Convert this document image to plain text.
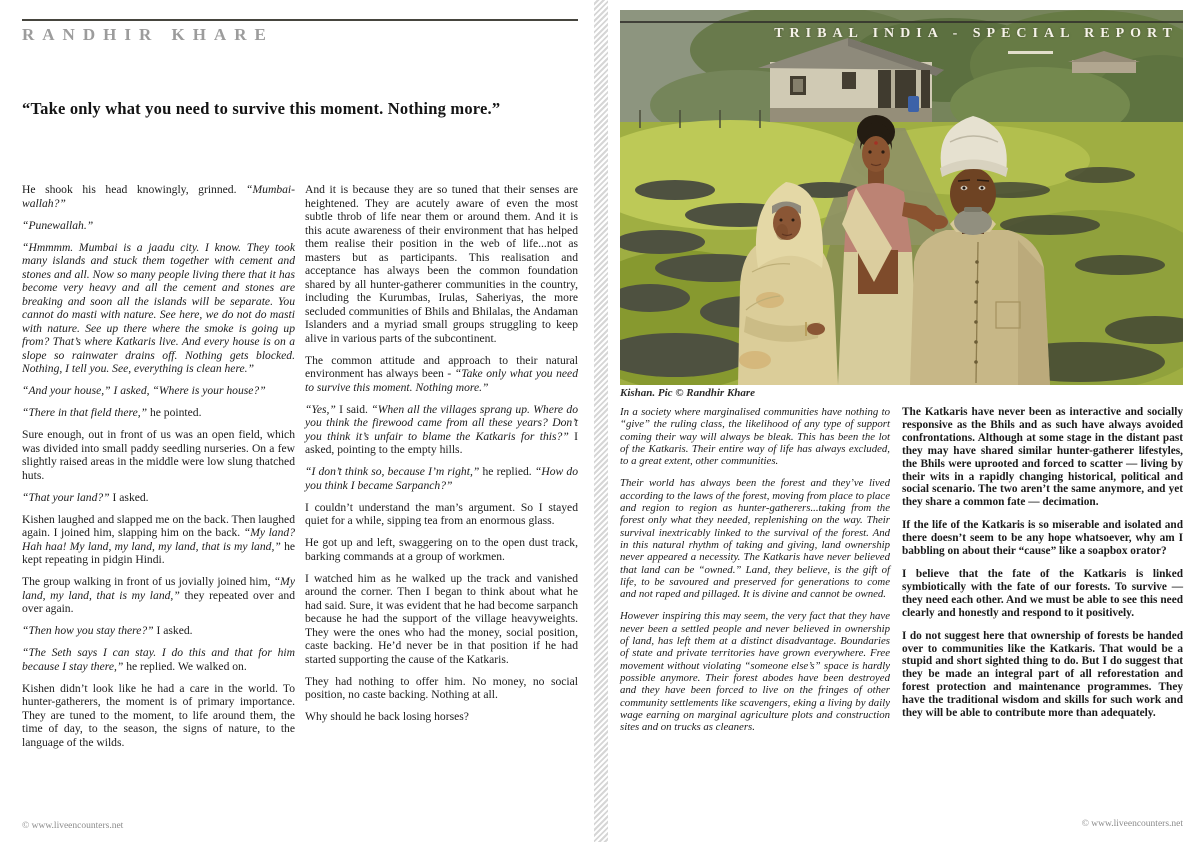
RANDHIR KHARE
“Take only what you need to survive this moment. Nothing more.”

He shook his head knowingly, grinned. “Mumbai-wallah?”

“Punewallah.”

“Hmmmm. Mumbai is a jaadu city. I know. They took many islands and stuck them together with cement and stones and all. Now so many people living there that it has become very heavy and all the cement and stones are breaking and soon all the islands will be separate. You cannot do masti with nature. See here, we do not do masti with nature. See up there where the smoke is going up from? That’s where Katkaris live. And every house is on a slope so rainwater drains off. Nothing gets blocked. Nothing, I tell you. See, everything is clean here.”

“And your house,” I asked, “Where is your house?”

“There in that field there,” he pointed.

Sure enough, out in front of us was an open field, which was divided into small paddy seedling nurseries. On a few slightly raised areas in the middle were low slung thatched huts.

“That your land?” I asked.

Kishen laughed and slapped me on the back. Then laughed again. I joined him, slapping him on the back. “My land? Hah haa! My land, my land, my land, that is my land,” he kept repeating in pidgin Hindi.

The group walking in front of us jovially joined him, “My land, my land, that is my land,” they repeated over and over again.

“Then how you stay there?” I asked.

“The Seth says I can stay. I do this and that for him because I stay there,” he replied. We walked on.

Kishen didn’t look like he had a care in the world. To hunter-gatherers, the moment is of primary importance. They are tuned to the moment, to life around them, the time of day, to the season, the signs of nature, to the language of the wilds.

And it is because they are so tuned that their senses are heightened. They are acutely aware of even the most subtle throb of life near them or around them. And it is this acute awareness of their environment that has helped them realise their position in the web of life...not as masters but as participants. This realisation and acceptance has always been the common foundation shared by all hunter-gatherer communities in the country, including the Kurumbas, Irulas, Saheriyas, the more secluded communities of Bhils and Bhilalas, the Andaman Islanders and a myriad small groups struggling to keep alive in various parts of the subcontinent.

The common attitude and approach to their natural environment has always been - “Take only what you need to survive this moment. Nothing more.”

“Yes,” I said. “When all the villages sprang up. Where do you think the firewood came from all these years? Don’t you think it’s unfair to blame the Katkaris for this?” I asked, pointing to the empty hills.

“I don’t think so, because I’m right,” he replied. “How do you think I became Sarpanch?”

I couldn’t understand the man’s argument. So I stayed quiet for a while, sipping tea from an enormous glass.

He got up and left, swaggering on to the open dust track, barking commands at a group of workmen.

I watched him as he walked up the track and vanished around the corner. Then I began to think about what he had said. Sure, it was evident that he had become sarpanch because he had the support of the village heavyweights. They were the ones who had the money, social position, caste backing. He’d never be in that position if he had started supporting the cause of the Katkaris.

They had nothing to offer him. No money, no social position, no caste backing. Nothing at all.

Why should he back losing horses?

© www.liveencounters.net
TRIBAL INDIA - SPECIAL REPORT
Kishan. Pic © Randhir Khare

In a society where marginalised communities have nothing to “give” the ruling class, the likelihood of any type of support coming their way will always be bleak. This has been the lot of the Katkaris. Their entire way of life has always excluded, to a great extent, other communities.

Their world has always been the forest and they’ve lived according to the laws of the forest, moving from place to place and region to region as hunter-gatherers...taking from the forest only what they needed, replenishing on the way. Their survival inextricably linked to the survival of the forest. And in this natural rhythm of taking and giving, land ownership never appeared a necessity. The Katkaris have never believed that land can be “owned.” Land, they believe, is the gift of life, to be savoured and preserved for generations to come and not raped and pillaged. It is divine and cannot be owned.

However inspiring this may seem, the very fact that they have never been a settled people and never believed in ownership of land, has left them at a distinct disadvantage. Boundaries of state and private territories have grown everywhere. Free movement without violating “someone else’s” space is hardly possible anymore. Their forest abodes have been destroyed and they have been forced to live on the fringes of other community settlements like scavengers, eking a living by daily wage earning on marginal agriculture plots and construction sites and on trucks as cleaners.

The Katkaris have never been as interactive and socially responsive as the Bhils and as such have always avoided confrontations. Although at some stage in the distant past they may have shared similar hunter-gatherer lifestyles, the Bhils were uprooted and forced to scatter — living by their wits in a rapidly changing historical, political and social scenario. The two aren’t the same anymore, and yet they share a common fate — decimation.

If the life of the Katkaris is so miserable and isolated and there doesn’t seem to be any hope whatsoever, why am I babbling on about their “cause” like a soapbox orator?

I believe that the fate of the Katkaris is linked symbiotically with the fate of our forests. To survive — they need each other. And we must be able to see this need clearly and honestly and respond to it positively.

I do not suggest here that ownership of forests be handed over to communities like the Katkaris. That would be a stupid and short sighted thing to do. But I do suggest that they be made an integral part of all reforestation and forest protection and maintenance programmes. They have the traditional wisdom and skills for such work and they will be able to contribute more than adequately.

© www.liveencounters.net
